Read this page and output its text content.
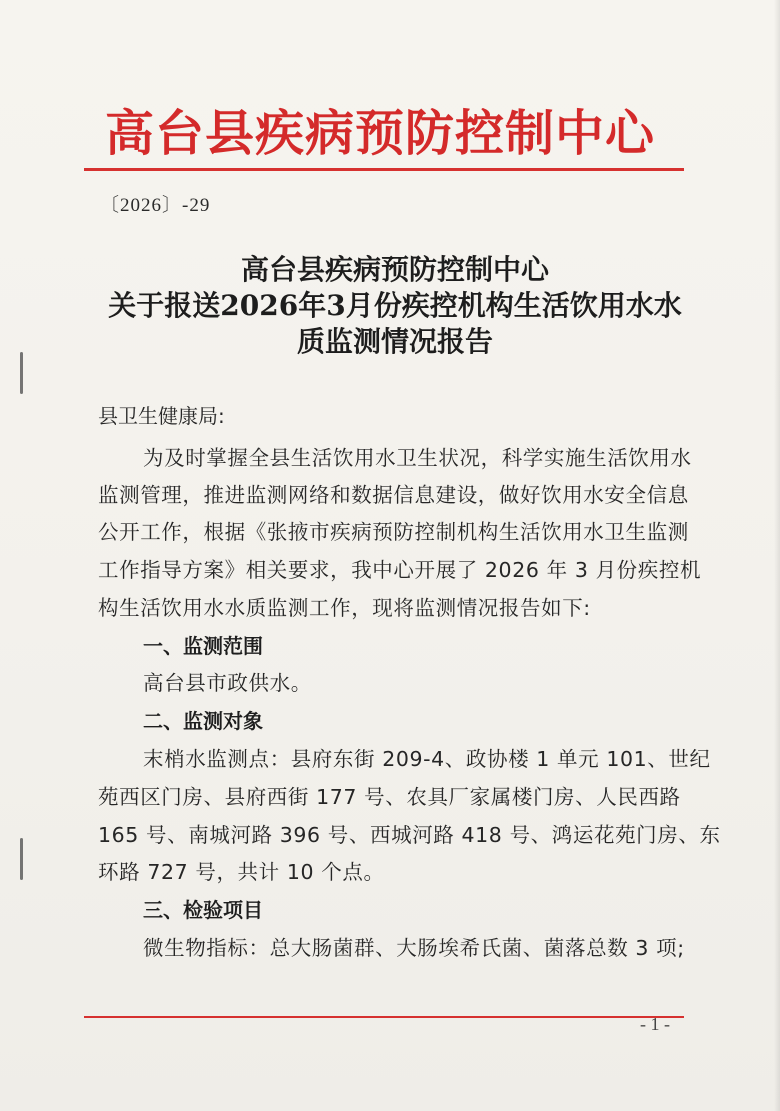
高台县疾病预防控制中心
〔2026〕-29
高台县疾病预防控制中心
关于报送2026年3月份疾控机构生活饮用水水
质监测情况报告
县卫生健康局:
为及时掌握全县生活饮用水卫生状况，科学实施生活饮用水
监测管理，推进监测网络和数据信息建设，做好饮用水安全信息
公开工作，根据《张掖市疾病预防控制机构生活饮用水卫生监测
工作指导方案》相关要求，我中心开展了 2026 年 3 月份疾控机
构生活饮用水水质监测工作，现将监测情况报告如下:
一、监测范围
高台县市政供水。
二、监测对象
末梢水监测点：县府东街 209-4、政协楼 1 单元 101、世纪
苑西区门房、县府西街 177 号、农具厂家属楼门房、人民西路
165 号、南城河路 396 号、西城河路 418 号、鸿运花苑门房、东
环路 727 号，共计 10 个点。
三、检验项目
微生物指标：总大肠菌群、大肠埃希氏菌、菌落总数 3 项;
- 1 -
